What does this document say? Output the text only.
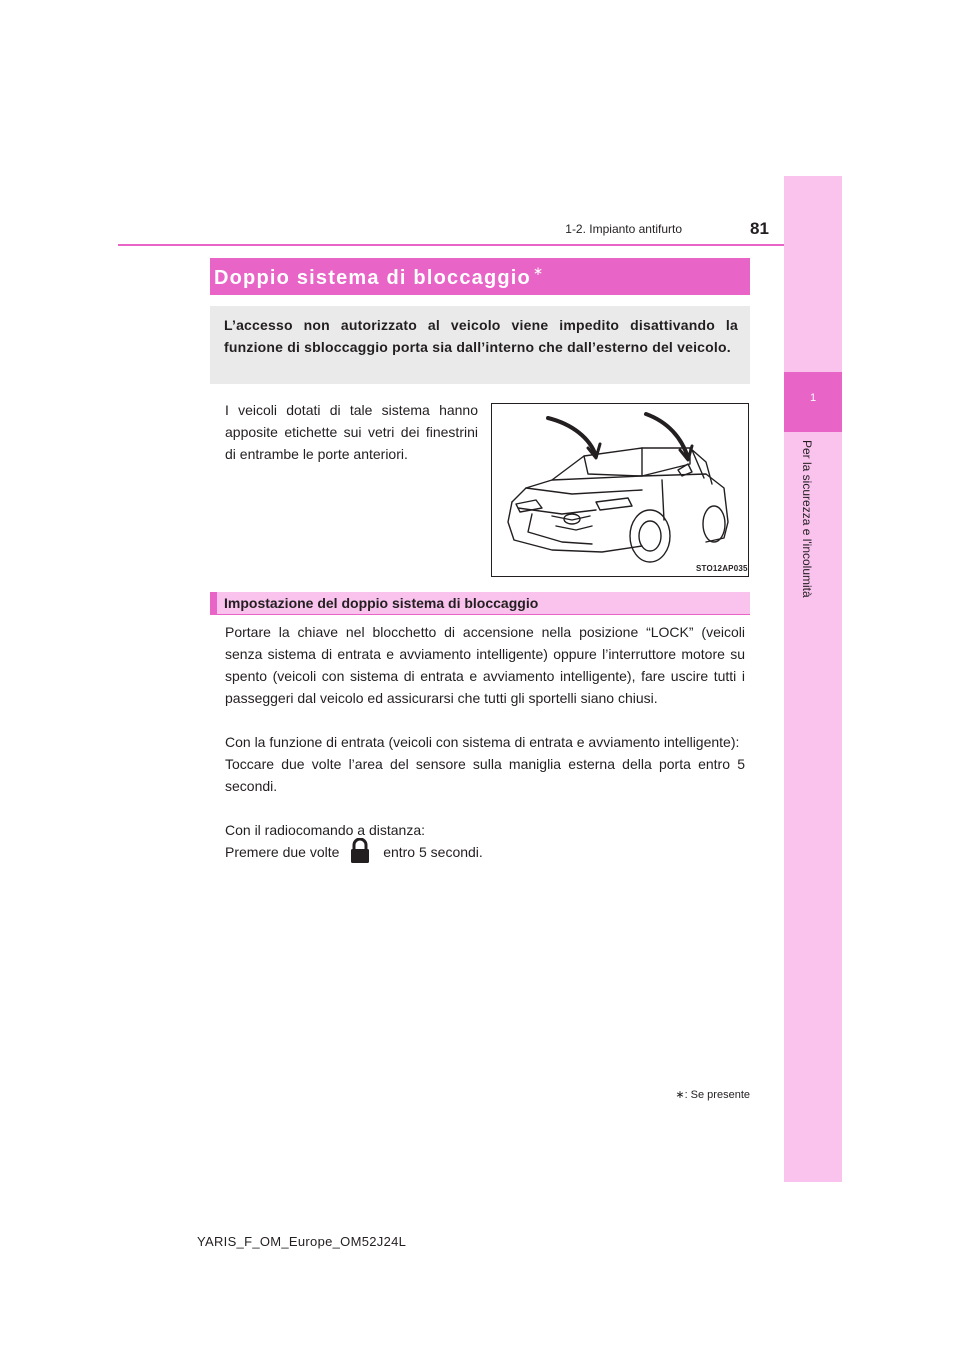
1
Per la sicurezza e l'incolumità
1-2. Impianto antifurto	81
Doppio sistema di bloccaggio ∗
L’accesso non autorizzato al veicolo viene impedito disattivando la funzione di sbloccaggio porta sia dall’interno che dall’esterno del veicolo.
I veicoli dotati di tale sistema hanno apposite etichette sui vetri dei finestrini di entrambe le porte anteriori.
STO12AP035
Impostazione del doppio sistema di bloccaggio
Portare la chiave nel blocchetto di accensione nella posizione “LOCK” (veicoli senza sistema di entrata e avviamento intelligente) oppure l’interruttore motore su spento (veicoli con sistema di entrata e avviamento intelligente), fare uscire tutti i passeggeri dal veicolo ed assicurarsi che tutti gli sportelli siano chiusi.
Con la funzione di entrata (veicoli con sistema di entrata e avviamento intelligente):
Toccare due volte l’area del sensore sulla maniglia esterna della porta entro 5 secondi.
Con il radiocomando a distanza:
Premere due volte	entro 5 secondi.
∗: Se presente
YARIS_F_OM_Europe_OM52J24L
